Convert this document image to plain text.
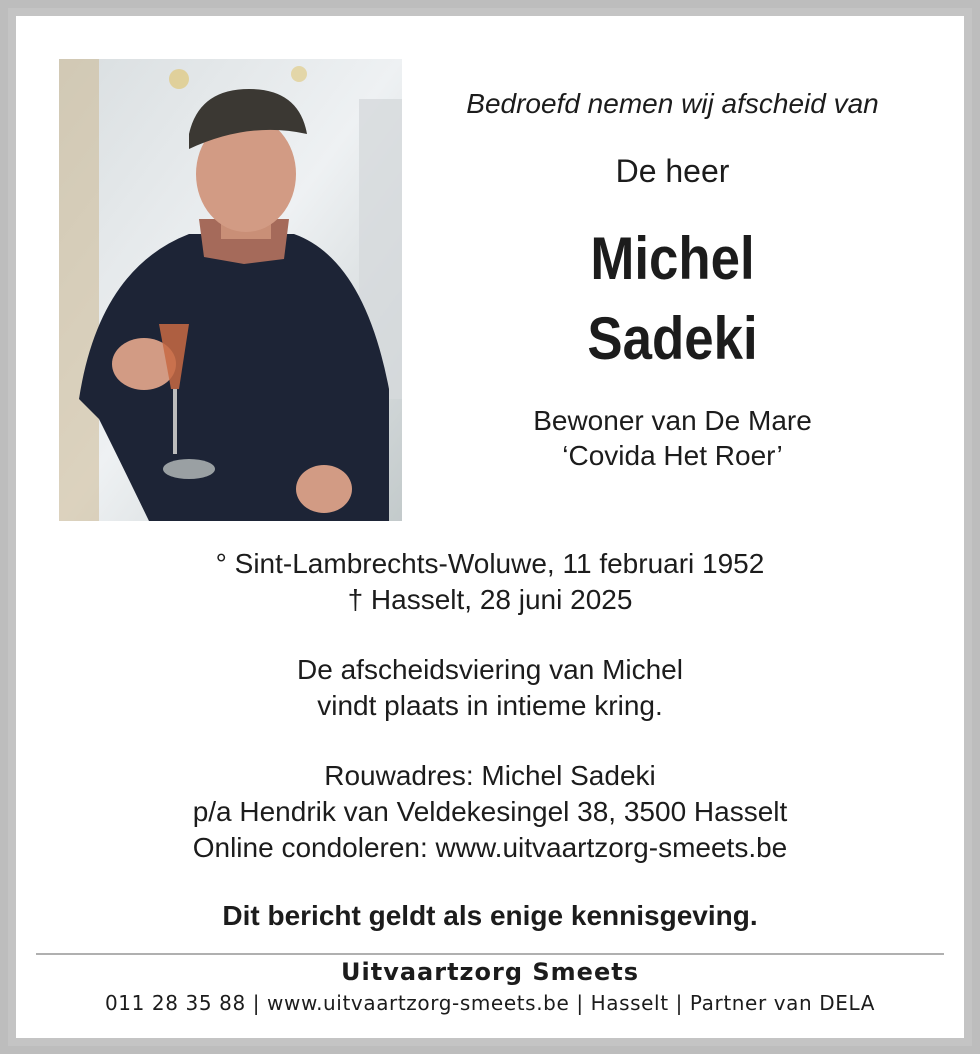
Bedroefd nemen wij afscheid van
De heer
Michel
Sadeki
Bewoner van De Mare
‘Covida Het Roer’
° Sint-Lambrechts-Woluwe, 11 februari 1952
† Hasselt, 28 juni 2025
De afscheidsviering van Michel
vindt plaats in intieme kring.
Rouwadres: Michel Sadeki
p/a Hendrik van Veldekesingel 38, 3500 Hasselt
Online condoleren: www.uitvaartzorg-smeets.be
Dit bericht geldt als enige kennisgeving.
Uitvaartzorg Smeets
011 28 35 88 | www.uitvaartzorg-smeets.be | Hasselt | Partner van DELA
